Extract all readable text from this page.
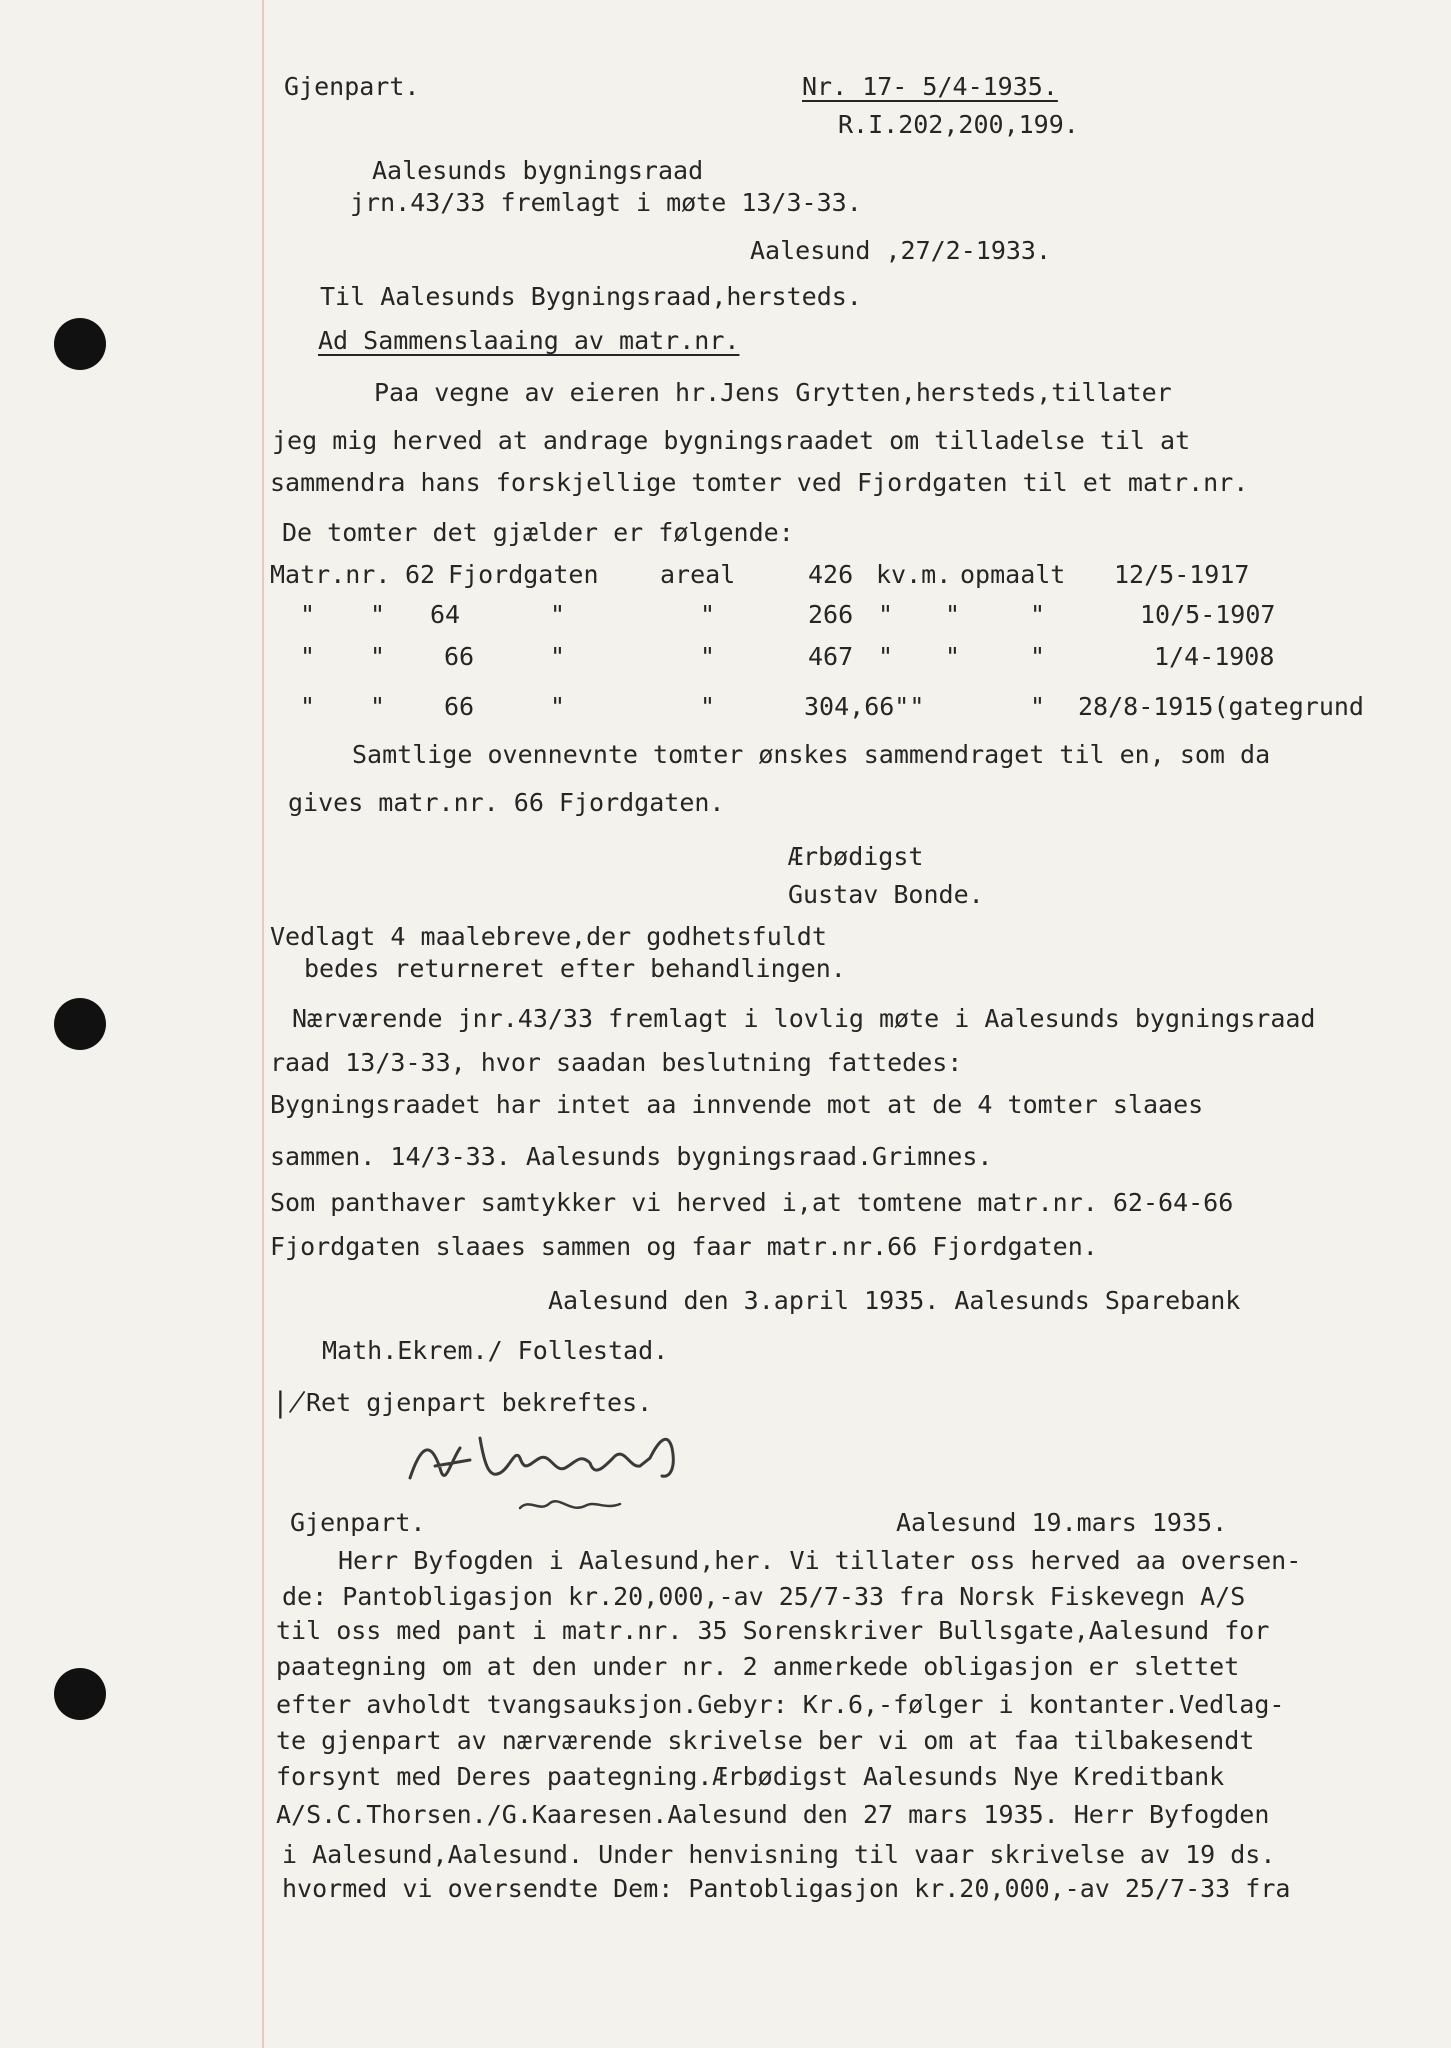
Gjenpart.	Nr. 17- 5/4-1935.
R.I.202,200,199.
Aalesunds bygningsraad
jrn.43/33 fremlagt i møte 13/3-33.
Aalesund ,27/2-1933.
Til Aalesunds Bygningsraad,hersteds.
Ad Sammenslaaing av matr.nr.
Paa vegne av eieren hr.Jens Grytten,hersteds,tillater
jeg mig herved at andrage bygningsraadet om tilladelse til at
sammendra hans forskjellige tomter ved Fjordgaten til et matr.nr.
De tomter det gjælder er følgende:
Matr.nr. 62 Fjordgaten areal	426 kv.m. opmaalt 12/5-1917
" " 64	"	"	266 " "	"	10/5-1907
" " 66	"	"	467 " "	"	1/4-1908
" " 66	"	"	304,66""	" 28/8-1915(gategrund
Samtlige ovennevnte tomter ønskes sammendraget til en, som da
gives matr.nr. 66 Fjordgaten.
Ærbødigst
Gustav Bonde.
Vedlagt 4 maalebreve,der godhetsfuldt
bedes returneret efter behandlingen.
Nærværende jnr.43/33 fremlagt i lovlig møte i Aalesunds bygningsraad
raad 13/3-33, hvor saadan beslutning fattedes:
Bygningsraadet har intet aa innvende mot at de 4 tomter slaaes
sammen. 14/3-33. Aalesunds bygningsraad.Grimnes.
Som panthaver samtykker vi herved i,at tomtene matr.nr. 62-64-66
Fjordgaten slaaes sammen og faar matr.nr.66 Fjordgaten.
Aalesund den 3.april 1935. Aalesunds Sparebank
Math.Ekrem./ Follestad.
∤ Ret gjenpart bekreftes.
Gjenpart.	Aalesund 19.mars 1935.
Herr Byfogden i Aalesund,her. Vi tillater oss herved aa oversen-
de: Pantobligasjon kr.20,000,-av 25/7-33 fra Norsk Fiskevegn A/S
til oss med pant i matr.nr. 35 Sorenskriver Bullsgate,Aalesund for
paategning om at den under nr. 2 anmerkede obligasjon er slettet
efter avholdt tvangsauksjon.Gebyr: Kr.6,-følger i kontanter.Vedlag-
te gjenpart av nærværende skrivelse ber vi om at faa tilbakesendt
forsynt med Deres paategning.Ærbødigst Aalesunds Nye Kreditbank
A/S.C.Thorsen./G.Kaaresen.Aalesund den 27 mars 1935. Herr Byfogden
i Aalesund,Aalesund. Under henvisning til vaar skrivelse av 19 ds.
hvormed vi oversendte Dem: Pantobligasjon kr.20,000,-av 25/7-33 fra
